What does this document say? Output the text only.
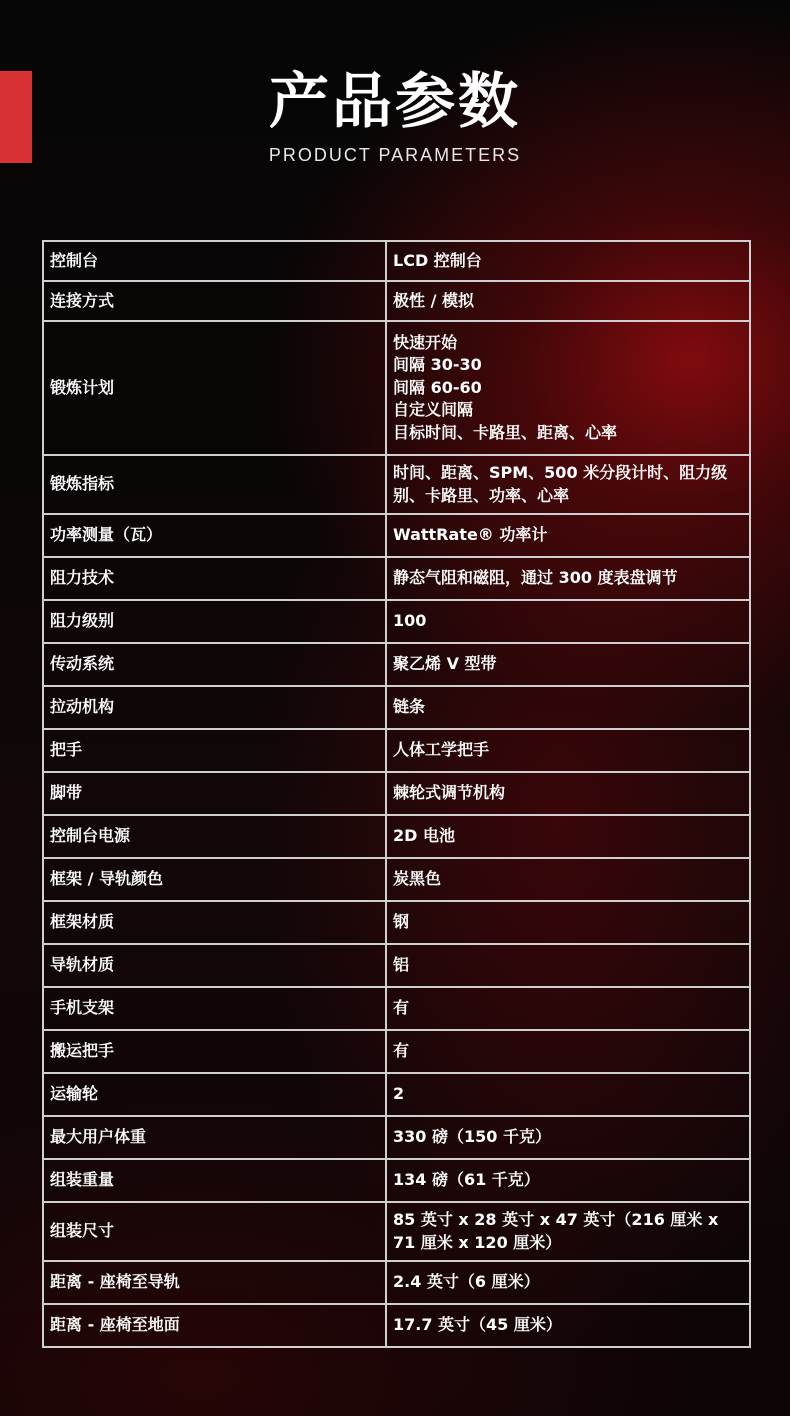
产品参数
PRODUCT PARAMETERS
控制台	LCD 控制台

连接方式	极性 / 模拟

锻炼计划	快速开始
间隔 30-30
间隔 60-60
自定义间隔
目标时间、卡路里、距离、心率

锻炼指标	时间、距离、SPM、500 米分段计时、阻力级别、卡路里、功率、心率

功率测量（瓦）	WattRate® 功率计

阻力技术	静态气阻和磁阻，通过 300 度表盘调节

阻力级别	100

传动系统	聚乙烯 V 型带

拉动机构	链条

把手	人体工学把手

脚带	棘轮式调节机构

控制台电源	2D 电池

框架 / 导轨颜色	炭黑色

框架材质	钢

导轨材质	铝

手机支架	有

搬运把手	有

运输轮	2

最大用户体重	330 磅（150 千克）

组装重量	134 磅（61 千克）

组装尺寸	85 英寸 x 28 英寸 x 47 英寸（216 厘米 x 71 厘米 x 120 厘米）

距离 - 座椅至导轨	2.4 英寸（6 厘米）

距离 - 座椅至地面	17.7 英寸（45 厘米）
